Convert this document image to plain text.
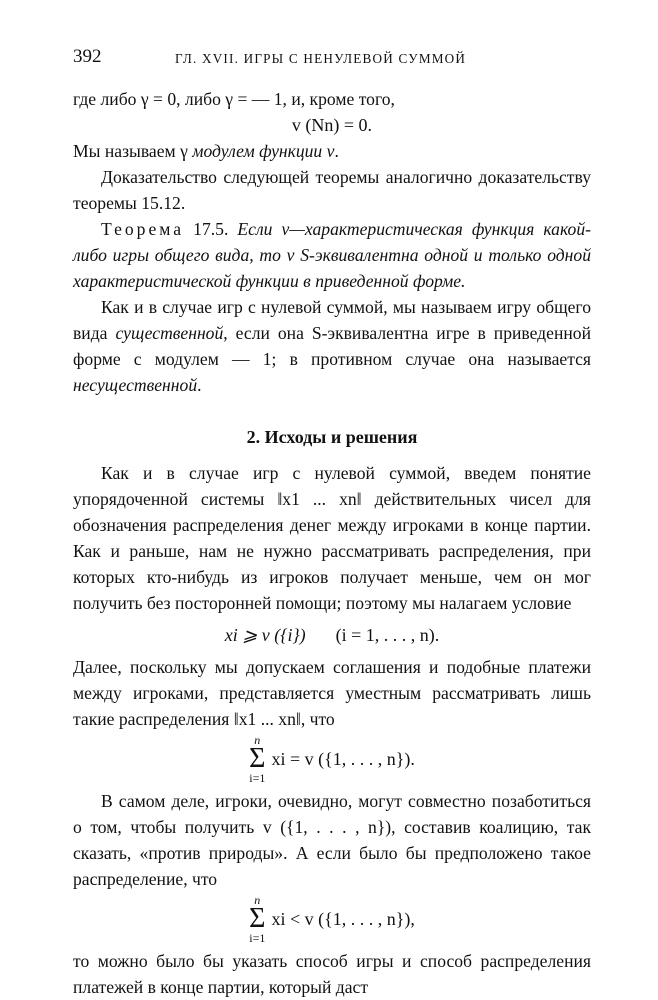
392	ГЛ. XVII. ИГРЫ С НЕНУЛЕВОЙ СУММОЙ

где либо γ = 0, либо γ = — 1, и, кроме того,

v (Nn) = 0.

Мы называем γ модулем функции v.

Доказательство следующей теоремы аналогично доказательству теоремы 15.12.

Теорема 17.5. Если v—характеристическая функция какой-либо игры общего вида, то v S-эквивалентна одной и только одной характеристической функции в приведенной форме.

Как и в случае игр с нулевой суммой, мы называем игру общего вида существенной, если она S-эквивалентна игре в приведенной форме с модулем — 1; в противном случае она называется несущественной.

2. Исходы и решения

Как и в случае игр с нулевой суммой, введем понятие упорядоченной системы ‖x1 ... xn‖ действительных чисел для обозначения распределения денег между игроками в конце партии. Как и раньше, нам не нужно рассматривать распределения, при которых кто-нибудь из игроков получает меньше, чем он мог получить без посторонней помощи; поэтому мы налагаем условие

xi ⩾ v ({i}) (i = 1, . . . , n).

Далее, поскольку мы допускаем соглашения и подобные платежи между игроками, представляется уместным рассматривать лишь такие распределения ‖x1 ... xn‖, что

n
Σ
i=1
xi = v ({1, . . . , n}).

В самом деле, игроки, очевидно, могут совместно позаботиться о том, чтобы получить v ({1, . . . , n}), составив коалицию, так сказать, «против природы». А если было бы предположено такое распределение, что

n
Σ
i=1
xi < v ({1, . . . , n}),

то можно было бы указать способ игры и способ распределения платежей в конце партии, который даст
